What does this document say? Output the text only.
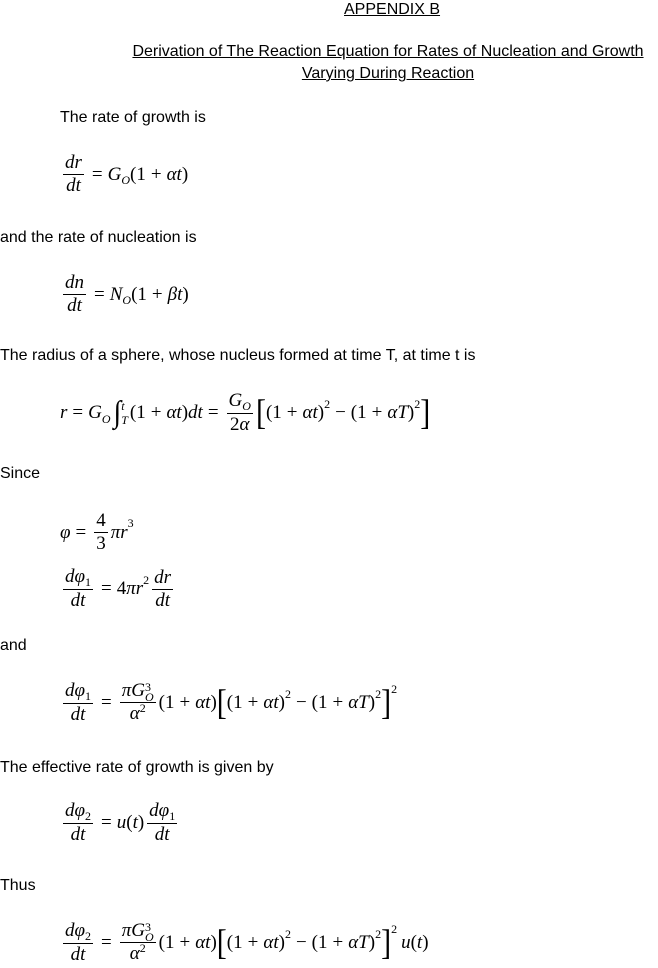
APPENDIX B

Derivation of The Reaction Equation for Rates of Nucleation and Growth

Varying During Reaction

The rate of growth is

$\frac{dr}{dt} = G$ O (1 + αt)

and the rate of nucleation is

$\frac{dn}{dt} = N$ O (1 + βt)

The radius of a sphere, whose nucleus formed at time T, at time t is

r = G O ∫ t
T $(1 + \alpha t)dt = \frac{G_O}{2\alpha}$ [ (1 + αt) 2 − (1 + αT) 2 ]

Since

$\varphi = \frac{4}{3}$ πr 3
$\frac{d\varphi_1}{dt} = 4\pi r$ $2 \frac{dr}{dt}$

and

$\frac{d\varphi_1}{dt} = \pi G$ 3
O
$\alpha^2$ (1 + αt) [ (1 + αt) 2 − (1 + αT) 2 ] 2

The effective rate of growth is given by

$\frac{d\varphi_2}{dt} = u(t) \frac{d\varphi_1}{dt}$

Thus

$\frac{d\varphi_2}{dt} = \pi G$ 3
O
$\alpha^2$ (1 + αt) [ (1 + αt) 2 − (1 + αT) 2 ] 2
u(t)
